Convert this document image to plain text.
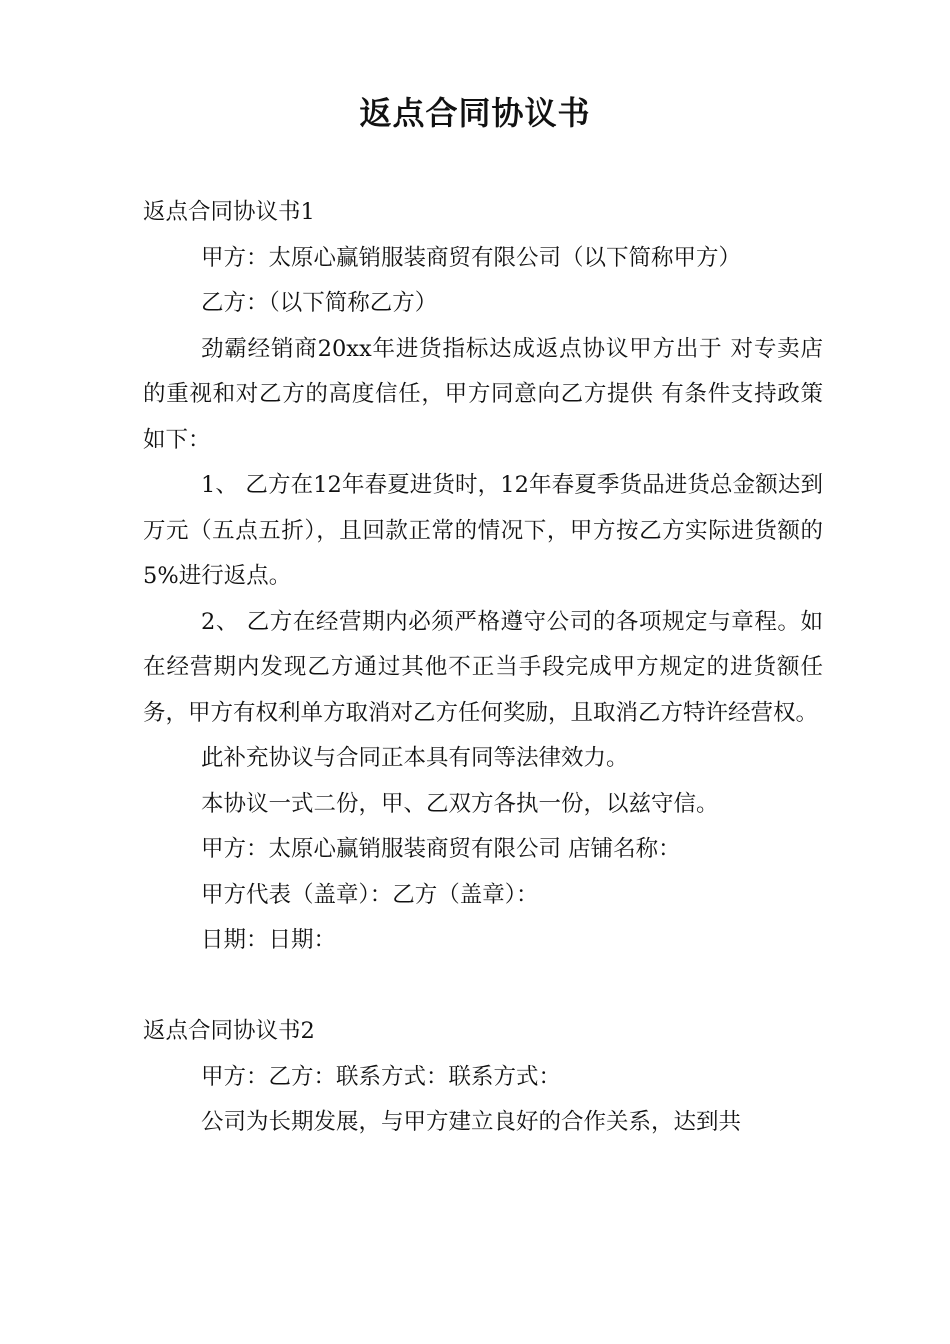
返点合同协议书
返点合同协议书1

甲方：太原心赢销服装商贸有限公司（以下简称甲方）

乙方：（以下简称乙方）

劲霸经销商20xx年进货指标达成返点协议甲方出于 对专卖店的重视和对乙方的高度信任，甲方同意向乙方提供 有条件支持政策如下：

1、 乙方在12年春夏进货时，12年春夏季货品进货总金额达到万元（五点五折），且回款正常的情况下，甲方按乙方实际进货额的5%进行返点。

2、 乙方在经营期内必须严格遵守公司的各项规定与章程。如在经营期内发现乙方通过其他不正当手段完成甲方规定的进货额任务，甲方有权利单方取消对乙方任何奖励，且取消乙方特许经营权。

此补充协议与合同正本具有同等法律效力。

本协议一式二份，甲、乙双方各执一份，以兹守信。

甲方：太原心赢销服装商贸有限公司 店铺名称：

甲方代表（盖章）：乙方（盖章）：

日期：日期：

返点合同协议书2

甲方：乙方：联系方式：联系方式：

公司为长期发展，与甲方建立良好的合作关系，达到共
